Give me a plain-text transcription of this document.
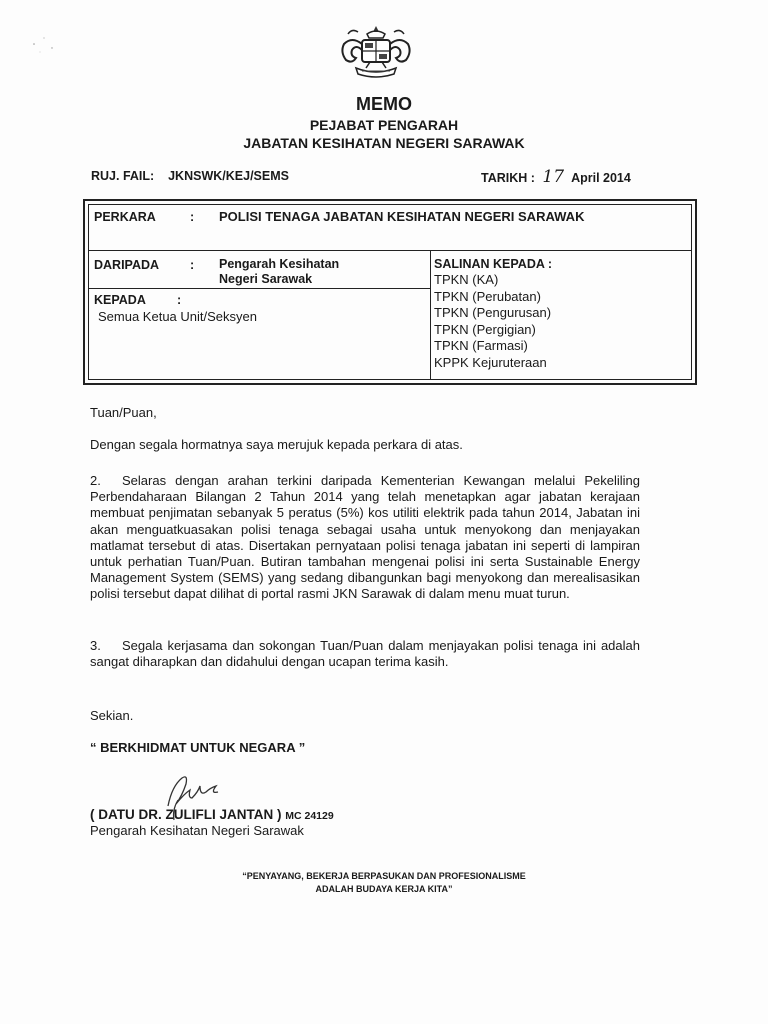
MEMO
PEJABAT PENGARAH
JABATAN KESIHATAN NEGERI SARAWAK
RUJ. FAIL: JKNSWK/KEJ/SEMS	TARIKH : 17 April 2014
PERKARA	: POLISI TENAGA JABATAN KESIHATAN NEGERI SARAWAK
DARIPADA : Pengarah Kesihatan
Negeri Sarawak
KEPADA :
Semua Ketua Unit/Seksyen
SALINAN KEPADA :
TPKN (KA)
TPKN (Perubatan)
TPKN (Pengurusan)
TPKN (Pergigian)
TPKN (Farmasi)
KPPK Kejuruteraan
Tuan/Puan,
Dengan segala hormatnya saya merujuk kepada perkara di atas.
2. Selaras dengan arahan terkini daripada Kementerian Kewangan melalui Pekeliling Perbendaharaan Bilangan 2 Tahun 2014 yang telah menetapkan agar jabatan kerajaan membuat penjimatan sebanyak 5 peratus (5%) kos utiliti elektrik pada tahun 2014, Jabatan ini akan menguatkuasakan polisi tenaga sebagai usaha untuk menyokong dan menjayakan matlamat tersebut di atas. Disertakan pernyataan polisi tenaga jabatan ini seperti di lampiran untuk perhatian Tuan/Puan. Butiran tambahan mengenai polisi ini serta Sustainable Energy Management System (SEMS) yang sedang dibangunkan bagi menyokong dan merealisasikan polisi tersebut dapat dilihat di portal rasmi JKN Sarawak di dalam menu muat turun.
3. Segala kerjasama dan sokongan Tuan/Puan dalam menjayakan polisi tenaga ini adalah sangat diharapkan dan didahului dengan ucapan terima kasih.
Sekian.
“ BERKHIDMAT UNTUK NEGARA ”
( DATU DR. ZULIFLI JANTAN ) MC 24129
Pengarah Kesihatan Negeri Sarawak
“PENYAYANG, BEKERJA BERPASUKAN DAN PROFESIONALISME
ADALAH BUDAYA KERJA KITA”
